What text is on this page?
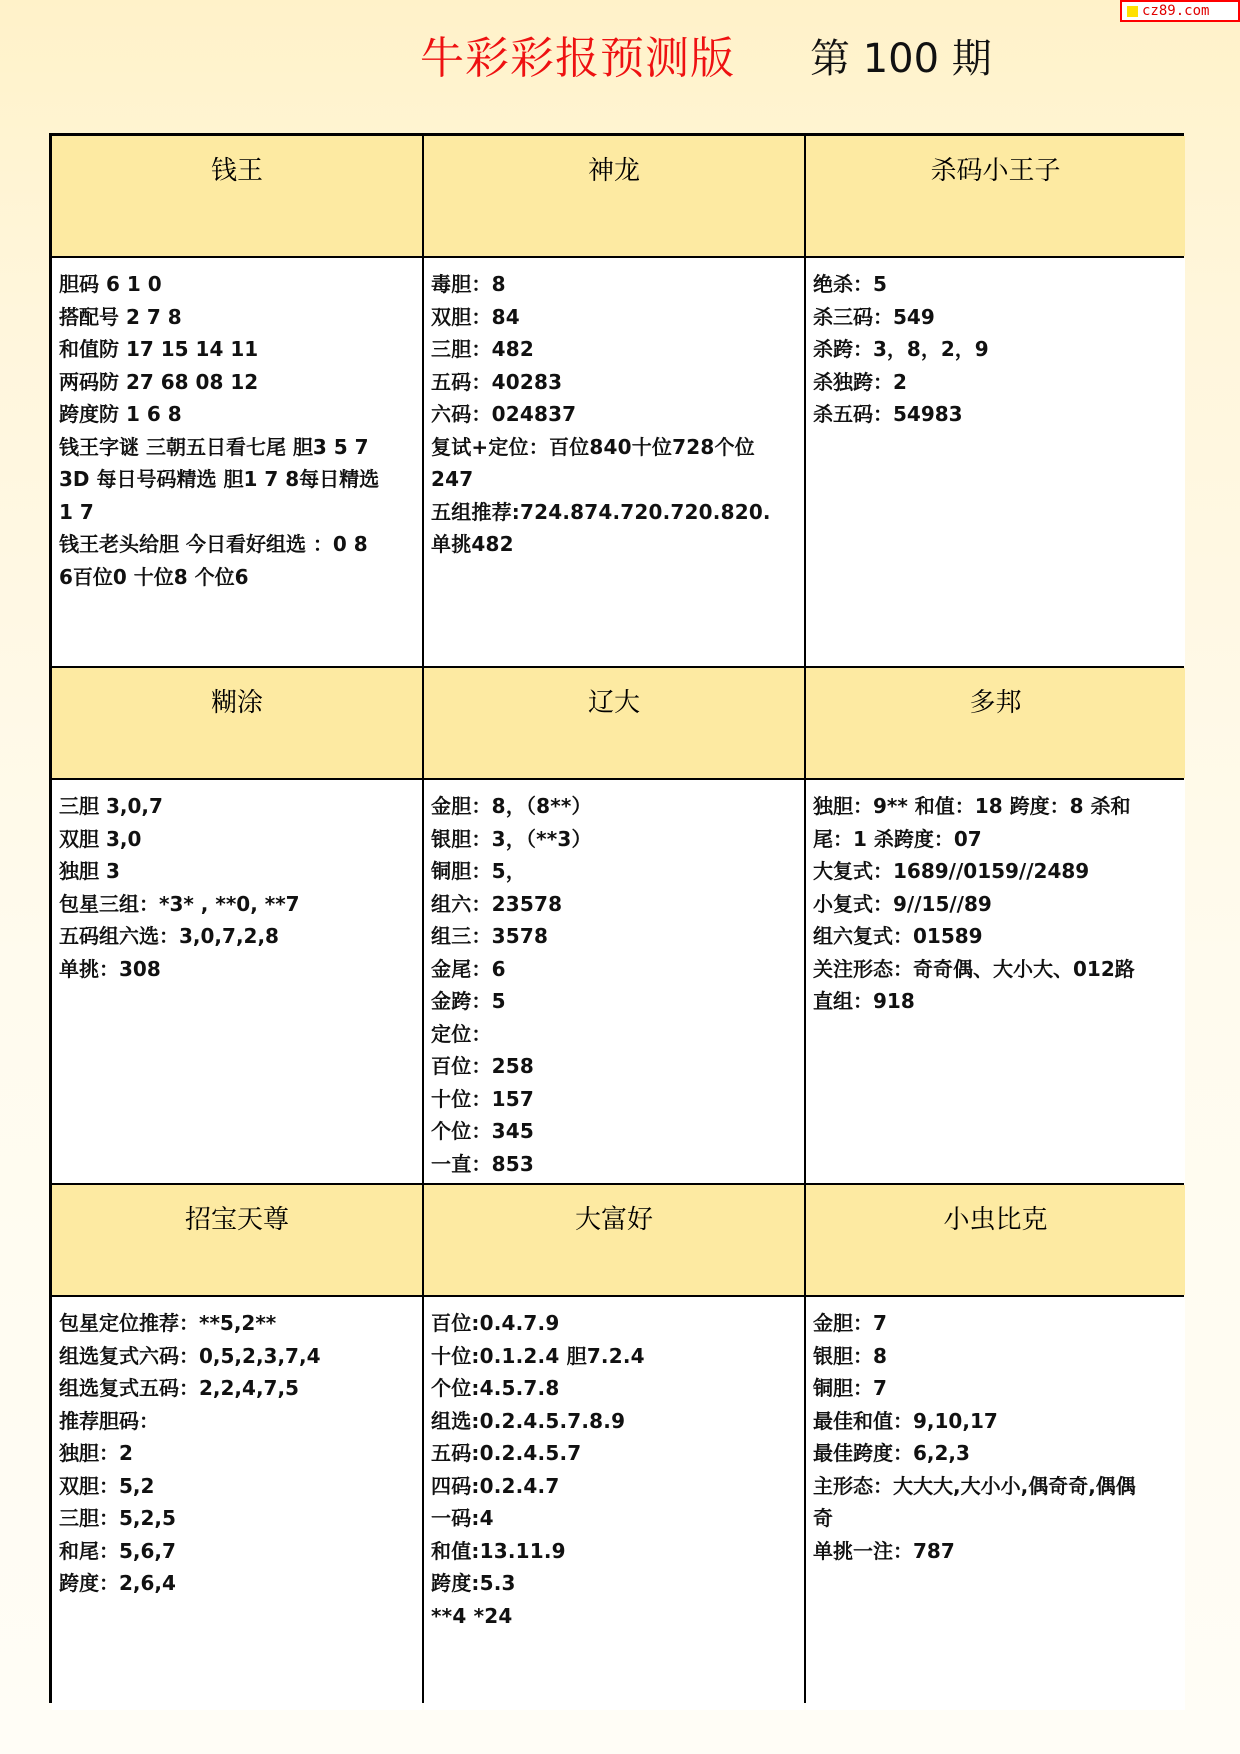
cz89.com
牛彩彩报预测版 第 100 期
钱王	神龙	杀码小王子

胆码 6 1 0

搭配号 2 7 8

和值防 17 15 14 11

两码防 27 68 08 12

跨度防 1 6 8

钱王字谜 三朝五日看七尾 胆3 5 7

3D 每日号码精选 胆1 7 8每日精选

1 7

钱王老头给胆 今日看好组选 ：0 8

6百位0 十位8 个位6

毒胆：8

双胆：84

三胆：482

五码：40283

六码：024837

复试+定位：百位840十位728个位

247

五组推荐:724.874.720.720.820.

单挑482

绝杀：5

杀三码：549

杀跨：3，8，2，9

杀独跨：2

杀五码：54983

糊涂	辽大	多邦

三胆 3,0,7

双胆 3,0

独胆 3

包星三组：*3* , **0, **7

五码组六选：3,0,7,2,8

单挑：308

金胆：8，（8**）

银胆：3，（**3）

铜胆：5，

组六：23578

组三：3578

金尾：6

金跨：5

定位：

百位：258

十位：157

个位：345

一直：853

独胆：9** 和值：18 跨度：8 杀和

尾：1 杀跨度：07

大复式：1689//0159//2489

小复式：9//15//89

组六复式：01589

关注形态：奇奇偶、大小大、012路

直组：918

招宝天尊	大富好	小虫比克

包星定位推荐：**5,2**

组选复式六码：0,5,2,3,7,4

组选复式五码：2,2,4,7,5

推荐胆码：

独胆：2

双胆：5,2

三胆：5,2,5

和尾：5,6,7

跨度：2,6,4

百位:0.4.7.9

十位:0.1.2.4 胆7.2.4

个位:4.5.7.8

组选:0.2.4.5.7.8.9

五码:0.2.4.5.7

四码:0.2.4.7

一码:4

和值:13.11.9

跨度:5.3

**4 *24

金胆：7

银胆：8

铜胆：7

最佳和值：9,10,17

最佳跨度：6,2,3

主形态：大大大,大小小,偶奇奇,偶偶

奇

单挑一注：787
